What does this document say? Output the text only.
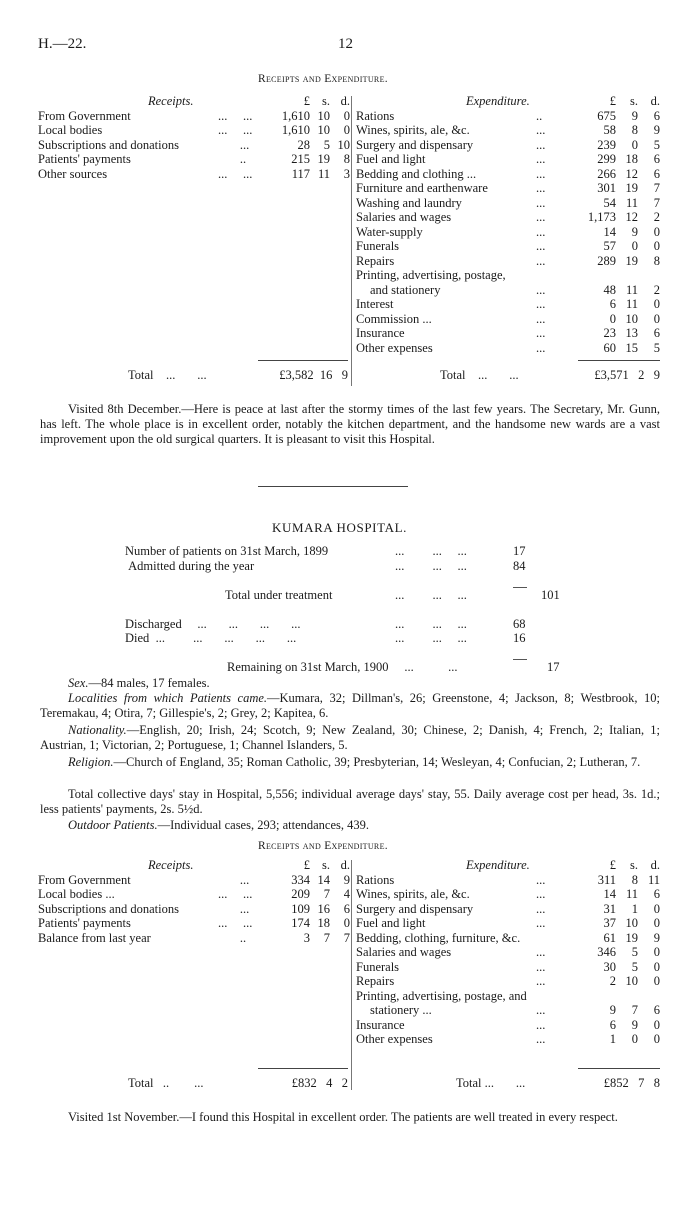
H.—22.	12
Receipts and Expenditure.
Receipts.		£	s.	d.
From Government	...     ...	1,610	10	0
Local bodies	...     ...	1,610	10	0
Subscriptions and donations	...	28	5	10
Patients' payments	..	215	19	8
Other sources	...     ...	117	11	3
Expenditure.		£	s.	d.
Rations	..	675	9	6
Wines, spirits, ale, &c.	...	58	8	9
Surgery and dispensary	...	239	0	5
Fuel and light	...	299	18	6
Bedding and clothing ...	...	266	12	6
Furniture and earthenware	...	301	19	7
Washing and laundry	...	54	11	7
Salaries and wages	...	1,173	12	2
Water-supply	...	14	9	0
Funerals	...	57	0	0
Repairs	...	289	19	8
Printing, advertising, postage,				
and stationery	...	48	11	2
Interest	...	6	11	0
Commission ...	...	0	10	0
Insurance	...	23	13	6
Other expenses	...	60	15	5
Total    ...       ...	£3,582 16 9	Total    ...       ...	£3,571 2 9
Visited 8th December.—Here is peace at last after the stormy times of the last few years. The Secretary, Mr. Gunn, has left. The whole place is in excellent order, notably the kitchen department, and the handsome new wards are a vast improvement upon the old surgical quarters. It is pleasant to visit this Hospital.
KUMARA HOSPITAL.
Number of patients on 31st March, 1899	...         ...     ...	17	
Admitted during the year	...         ...     ...	84	

Total under treatment	...         ...     ...		101

Discharged     ...       ...       ...       ...	...         ...     ...	68	
Died  ...         ...       ...       ...       ...	...         ...     ...	16	

Remaining on 31st March, 1900	...           ...		17
Sex.—84 males, 17 females.
Localities from which Patients came.—Kumara, 32; Dillman's, 26; Greenstone, 4; Jackson, 8; Westbrook, 10; Teremakau, 4; Otira, 7; Gillespie's, 2; Grey, 2; Kapitea, 6.
Nationality.—English, 20; Irish, 24; Scotch, 9; New Zealand, 30; Chinese, 2; Danish, 4; French, 2; Italian, 1; Austrian, 1; Victorian, 2; Portuguese, 1; Channel Islanders, 5.
Religion.—Church of England, 35; Roman Catholic, 39; Presbyterian, 14; Wesleyan, 4; Confucian, 2; Lutheran, 7.
Total collective days' stay in Hospital, 5,556; individual average days' stay, 55. Daily average cost per head, 3s. 1d.; less patients' payments, 2s. 5½d.
Outdoor Patients.—Individual cases, 293; attendances, 439.
Receipts and Expenditure.
Receipts.		£	s.	d.
From Government	...	334	14	9
Local bodies ...	...     ...	209	7	4
Subscriptions and donations	...	109	16	6
Patients' payments	...     ...	174	18	0
Balance from last year	..	3	7	7
Expenditure.		£	s.	d.
Rations	...	311	8	11
Wines, spirits, ale, &c.	...	14	11	6
Surgery and dispensary	...	31	1	0
Fuel and light	...	37	10	0
Bedding, clothing, furniture, &c.		61	19	9
Salaries and wages	...	346	5	0
Funerals	...	30	5	0
Repairs	...	2	10	0
Printing, advertising, postage, and				
stationery ...	...	9	7	6
Insurance	...	6	9	0
Other expenses	...	1	0	0
Total   ..        ...	£832 4 2	Total ...       ...	£852 7 8
Visited 1st November.—I found this Hospital in excellent order. The patients are well treated in every respect.
